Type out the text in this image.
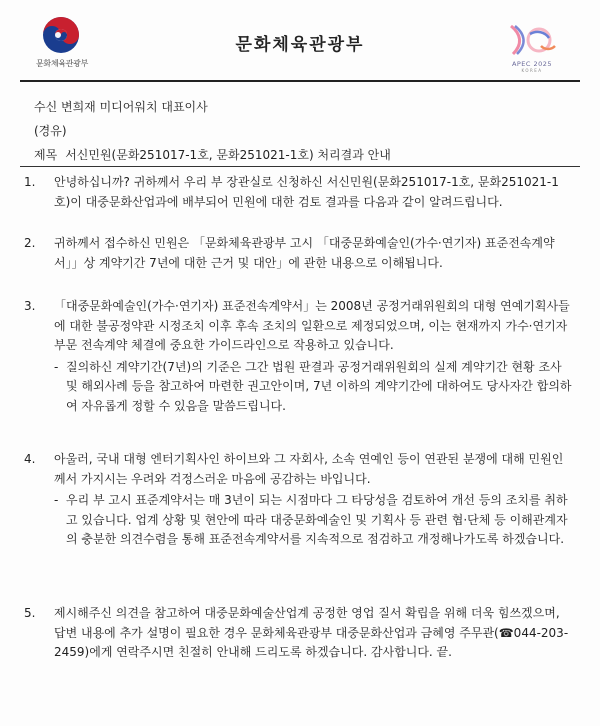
문화체육관광부
문화체육관광부
APEC 2025
KOREA
수신 변희재 미디어워치 대표이사
(경유)
제목 서신민원(문화251017-1호, 문화251021-1호) 처리결과 안내
1.	안녕하십니까? 귀하께서 우리 부 장관실로 신청하신 서신민원(문화251017-1호, 문화251021-1호)이 대중문화산업과에 배부되어 민원에 대한 검토 결과를 다음과 같이 알려드립니다.
2.	귀하께서 접수하신 민원은 「문화체육관광부 고시 「대중문화예술인(가수·연기자) 표준전속계약서」」상 계약기간 7년에 대한 근거 및 대안」에 관한 내용으로 이해됩니다.
3.	「대중문화예술인(가수·연기자) 표준전속계약서」는 2008년 공정거래위원회의 대형 연예기획사들에 대한 불공정약관 시정조치 이후 후속 조치의 일환으로 제정되었으며, 이는 현재까지 가수·연기자 부문 전속계약 체결에 중요한 가이드라인으로 작용하고 있습니다.
- 질의하신 계약기간(7년)의 기준은 그간 법원 판결과 공정거래위원회의 실제 계약기간 현황 조사 및 해외사례 등을 참고하여 마련한 권고안이며, 7년 이하의 계약기간에 대하여도 당사자간 합의하여 자유롭게 정할 수 있음을 말씀드립니다.
4.	아울러, 국내 대형 엔터기획사인 하이브와 그 자회사, 소속 연예인 등이 연관된 분쟁에 대해 민원인께서 가지시는 우려와 걱정스러운 마음에 공감하는 바입니다.
- 우리 부 고시 표준계약서는 매 3년이 되는 시점마다 그 타당성을 검토하여 개선 등의 조치를 취하고 있습니다. 업계 상황 및 현안에 따라 대중문화예술인 및 기획사 등 관련 협·단체 등 이해관계자의 충분한 의견수렴을 통해 표준전속계약서를 지속적으로 점검하고 개정해나가도록 하겠습니다.
5.	제시해주신 의견을 참고하여 대중문화예술산업계 공정한 영업 질서 확립을 위해 더욱 힘쓰겠으며, 답변 내용에 추가 설명이 필요한 경우 문화체육관광부 대중문화산업과 금혜영 주무관(☎044-203-2459)에게 연락주시면 친절히 안내해 드리도록 하겠습니다. 감사합니다. 끝.
